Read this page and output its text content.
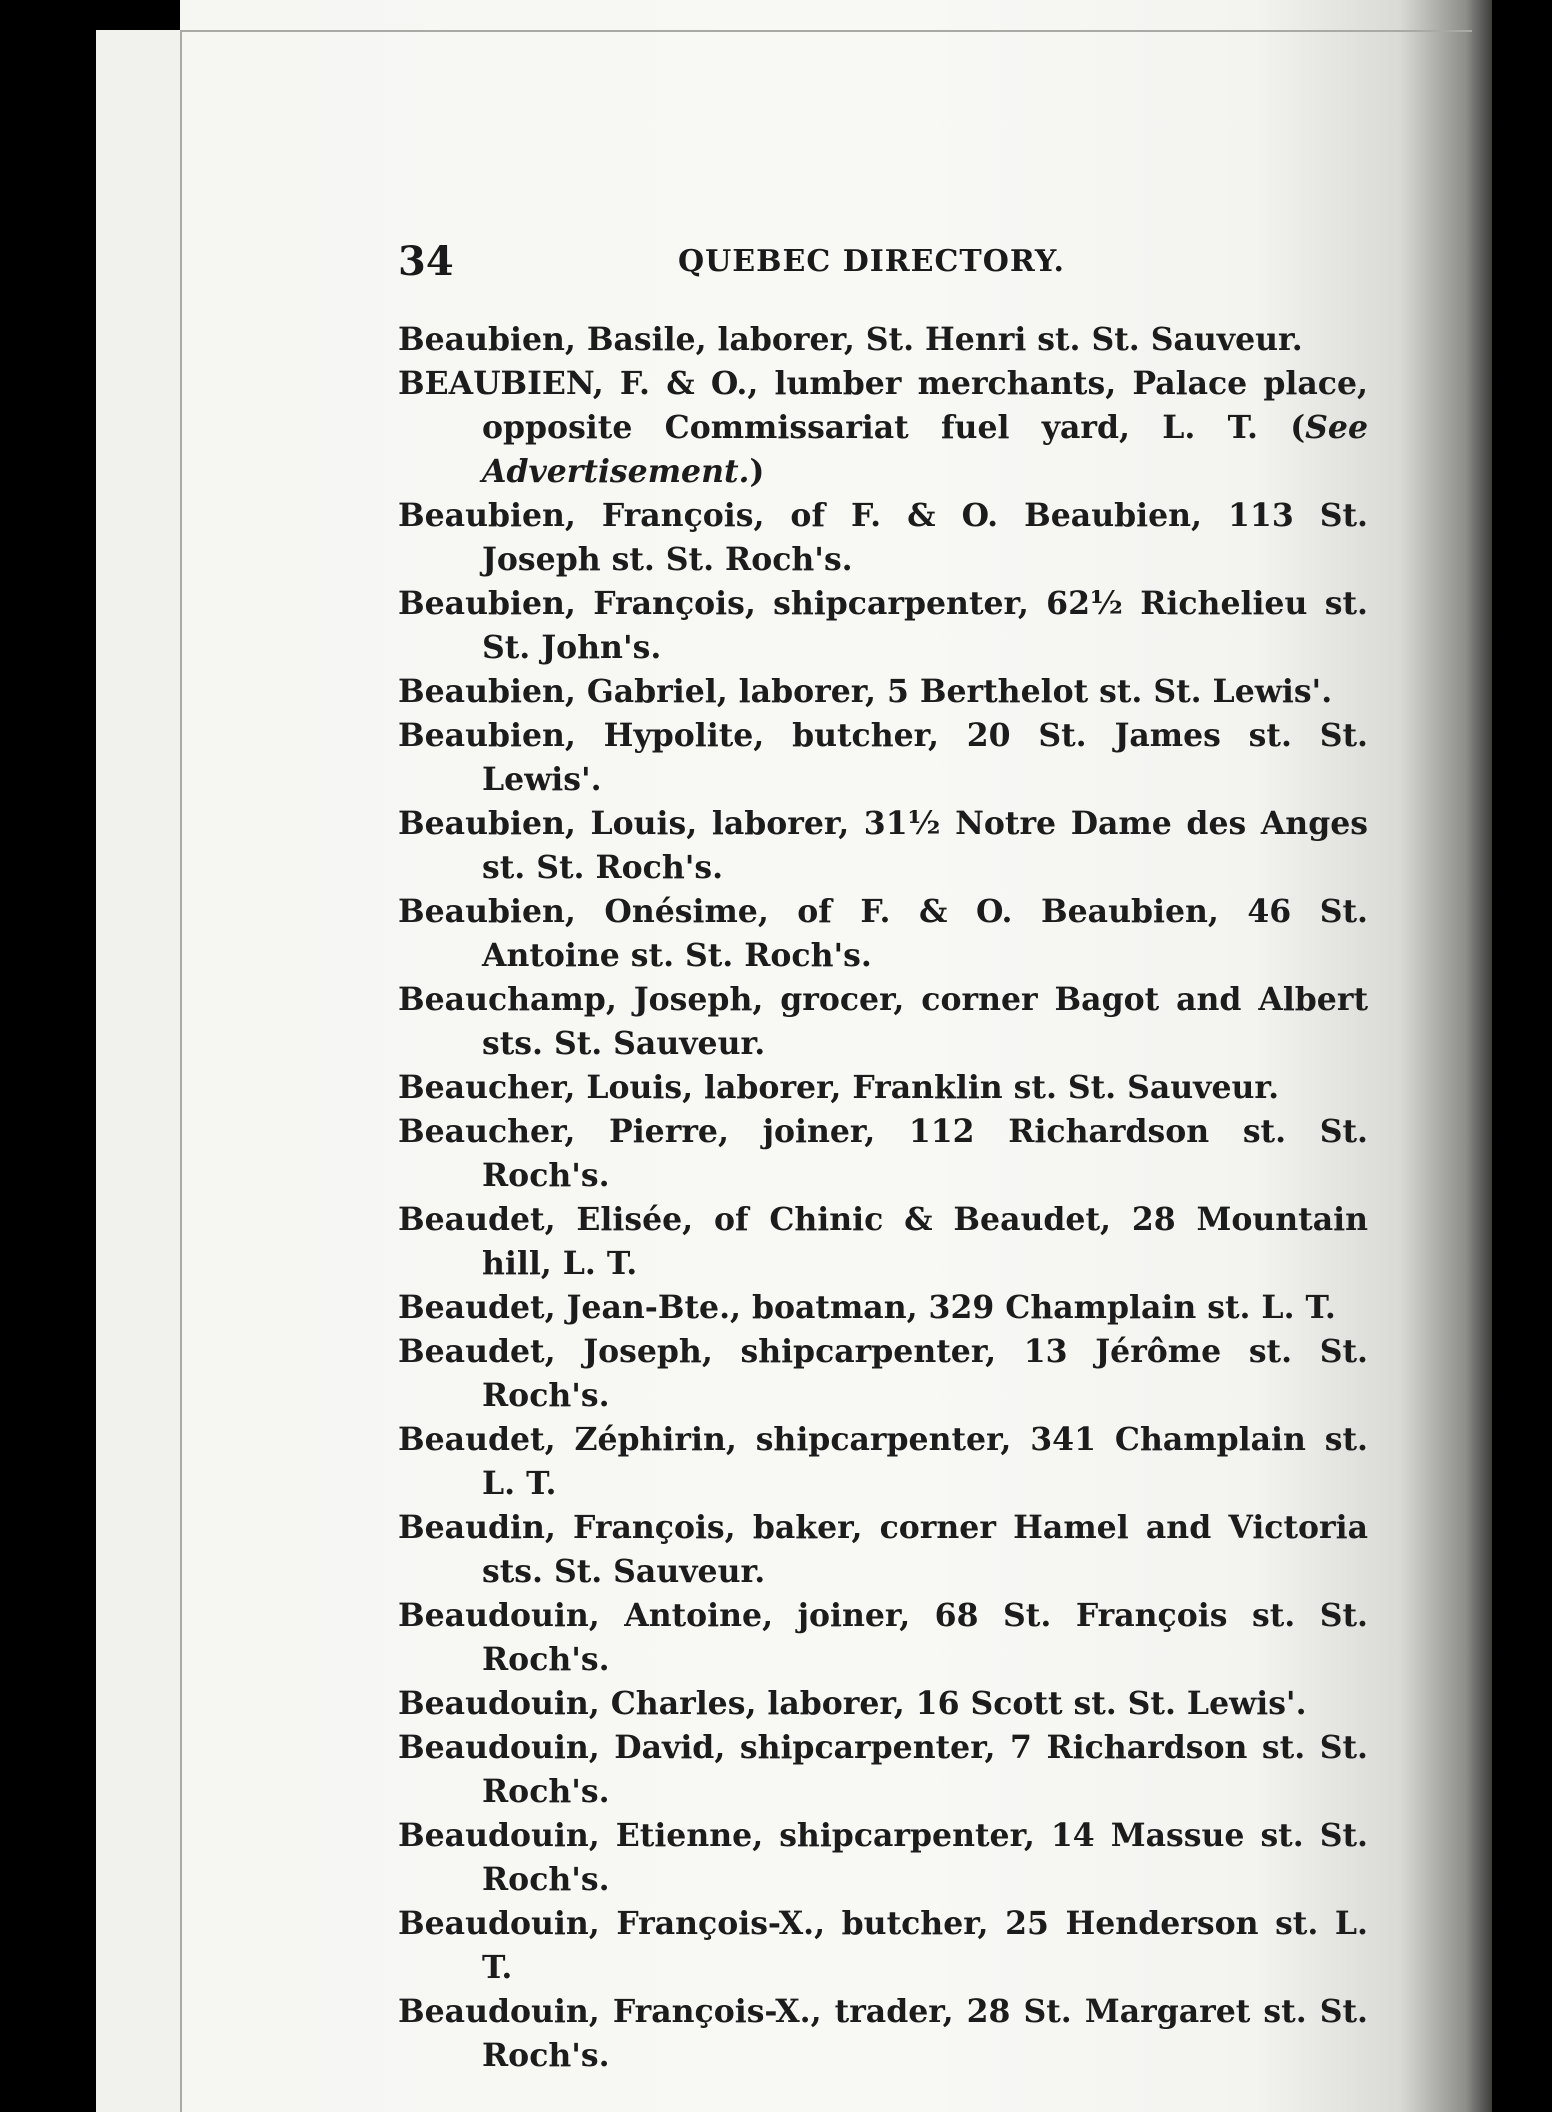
34	QUEBEC DIRECTORY.
Beaubien, Basile, laborer, St. Henri st. St. Sauveur.
BEAUBIEN, F. & O., lumber merchants, Palace place, opposite Commissariat fuel yard, L. T. (See Advertisement.)
Beaubien, François, of F. & O. Beaubien, 113 St. Joseph st. St. Roch's.
Beaubien, François, shipcarpenter, 62½ Richelieu st. St. John's.
Beaubien, Gabriel, laborer, 5 Berthelot st. St. Lewis'.
Beaubien, Hypolite, butcher, 20 St. James st. St. Lewis'.
Beaubien, Louis, laborer, 31½ Notre Dame des Anges st. St. Roch's.
Beaubien, Onésime, of F. & O. Beaubien, 46 St. Antoine st. St. Roch's.
Beauchamp, Joseph, grocer, corner Bagot and Albert sts. St. Sauveur.
Beaucher, Louis, laborer, Franklin st. St. Sauveur.
Beaucher, Pierre, joiner, 112 Richardson st. St. Roch's.
Beaudet, Elisée, of Chinic & Beaudet, 28 Mountain hill, L. T.
Beaudet, Jean-Bte., boatman, 329 Champlain st. L. T.
Beaudet, Joseph, shipcarpenter, 13 Jérôme st. St. Roch's.
Beaudet, Zéphirin, shipcarpenter, 341 Champlain st. L. T.
Beaudin, François, baker, corner Hamel and Victoria sts. St. Sauveur.
Beaudouin, Antoine, joiner, 68 St. François st. St. Roch's.
Beaudouin, Charles, laborer, 16 Scott st. St. Lewis'.
Beaudouin, David, shipcarpenter, 7 Richardson st. St. Roch's.
Beaudouin, Etienne, shipcarpenter, 14 Massue st. St. Roch's.
Beaudouin, François-X., butcher, 25 Henderson st. L. T.
Beaudouin, François-X., trader, 28 St. Margaret st. St. Roch's.
